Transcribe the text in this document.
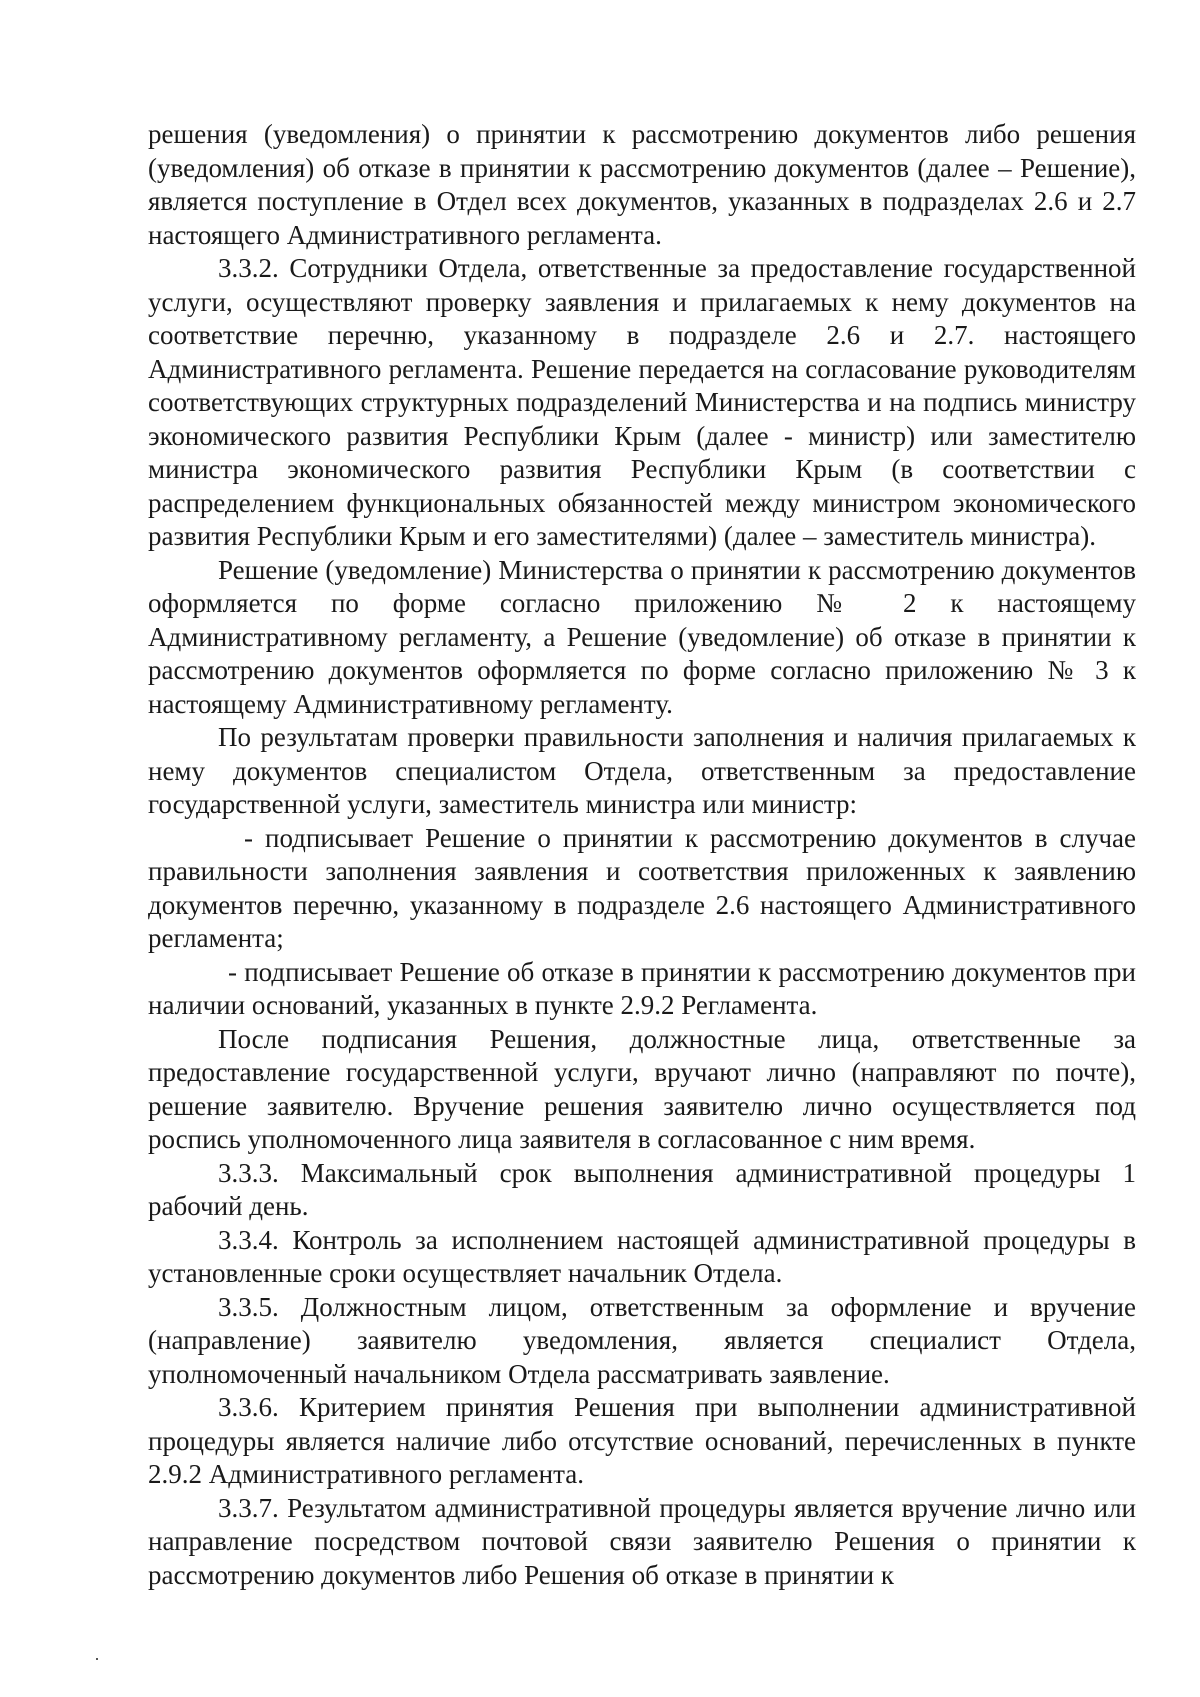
решения (уведомления) о принятии к рассмотрению документов либо решения (уведомления) об отказе в принятии к рассмотрению документов (далее – Решение), является поступление в Отдел всех документов, указанных в подразделах 2.6 и 2.7 настоящего Административного регламента.

3.3.2. Сотрудники Отдела, ответственные за предоставление государственной услуги, осуществляют проверку заявления и прилагаемых к нему документов на соответствие перечню, указанному в подразделе 2.6 и 2.7. настоящего Административного регламента. Решение передается на согласование руководителям соответствующих структурных подразделений Министерства и на подпись министру экономического развития Республики Крым (далее - министр) или заместителю министра экономического развития Республики Крым (в соответствии с распределением функциональных обязанностей между министром экономического развития Республики Крым и его заместителями) (далее – заместитель министра).

Решение (уведомление) Министерства о принятии к рассмотрению документов оформляется по форме согласно приложению № 2 к настоящему Административному регламенту, а Решение (уведомление) об отказе в принятии к рассмотрению документов оформляется по форме согласно приложению № 3 к настоящему Административному регламенту.

По результатам проверки правильности заполнения и наличия прилагаемых к нему документов специалистом Отдела, ответственным за предоставление государственной услуги, заместитель министра или министр:

- подписывает Решение о принятии к рассмотрению документов в случае правильности заполнения заявления и соответствия приложенных к заявлению документов перечню, указанному в подразделе 2.6 настоящего Административного регламента;

- подписывает Решение об отказе в принятии к рассмотрению документов при наличии оснований, указанных в пункте 2.9.2 Регламента.

После подписания Решения, должностные лица, ответственные за предоставление государственной услуги, вручают лично (направляют по почте), решение заявителю. Вручение решения заявителю лично осуществляется под роспись уполномоченного лица заявителя в согласованное с ним время.

3.3.3. Максимальный срок выполнения административной процедуры 1 рабочий день.

3.3.4. Контроль за исполнением настоящей административной процедуры в установленные сроки осуществляет начальник Отдела.

3.3.5. Должностным лицом, ответственным за оформление и вручение (направление) заявителю уведомления, является специалист Отдела, уполномоченный начальником Отдела рассматривать заявление.

3.3.6. Критерием принятия Решения при выполнении административной процедуры является наличие либо отсутствие оснований, перечисленных в пункте 2.9.2 Административного регламента.

3.3.7. Результатом административной процедуры является вручение лично или направление посредством почтовой связи заявителю Решения о принятии к рассмотрению документов либо Решения об отказе в принятии к
